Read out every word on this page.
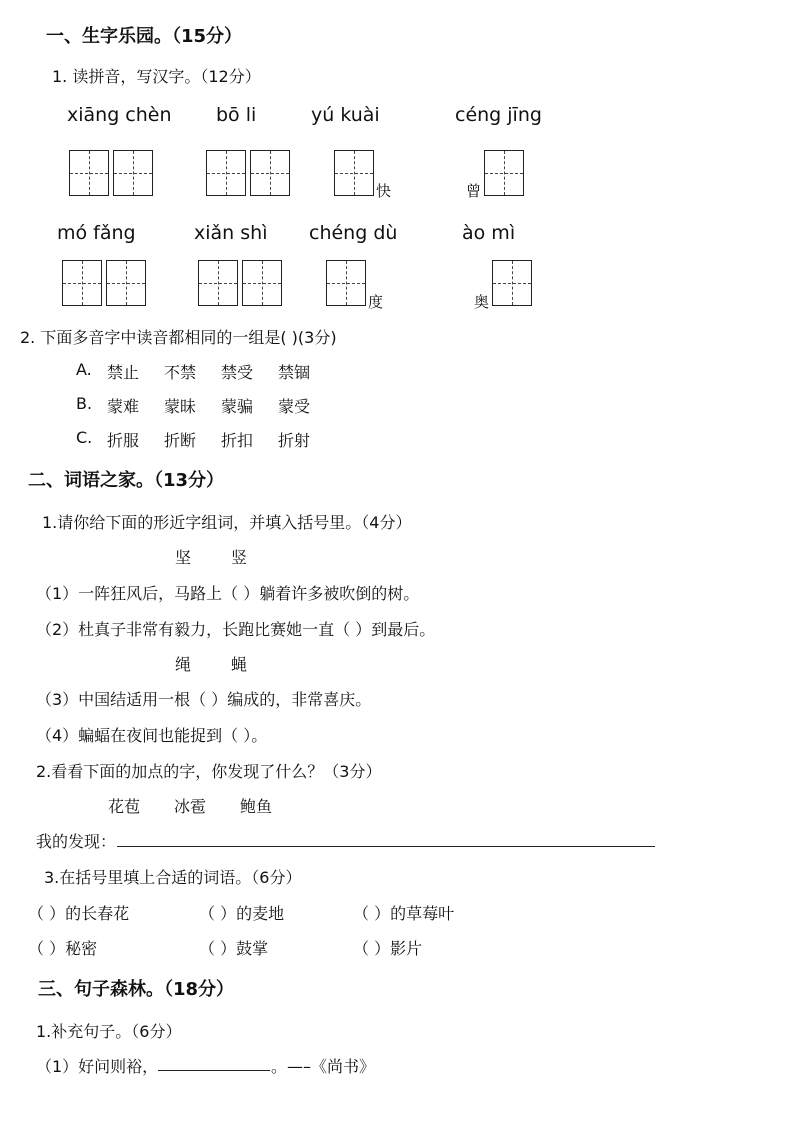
一、生字乐园。（15分）
1. 读拼音，写汉字。（12分）
xiāng chèn bō li	yú kuài	céng jīng
快	曾
mó fǎng	xiǎn shì chéng dù	ào mì
度	奥
2. 下面多音字中读音都相同的一组是( )(3分)
A. 禁止 不禁 禁受 禁锢
B. 蒙难 蒙昧 蒙骗 蒙受
C. 折服 折断 折扣 折射
二、词语之家。（13分）
1.请你给下面的形近字组词，并填入括号里。（4分）
坚 竖
（1）一阵狂风后，马路上（ ）躺着许多被吹倒的树。
（2）杜真子非常有毅力，长跑比赛她一直（ ）到最后。
绳 蝇
（3）中国结适用一根（ ）编成的，非常喜庆。
（4）蝙蝠在夜间也能捉到（ ）。
2.看看下面的加点的字，你发现了什么？（3分）
花苞 冰雹 鲍鱼
我的发现：
3.在括号里填上合适的词语。（6分）
（ ）的长春花	（ ）的麦地	（ ）的草莓叶
（ ）秘密	（ ）鼓掌	（ ）影片
三、句子森林。（18分）
1.补充句子。（6分）
（1）好问则裕，	。—–《尚书》
